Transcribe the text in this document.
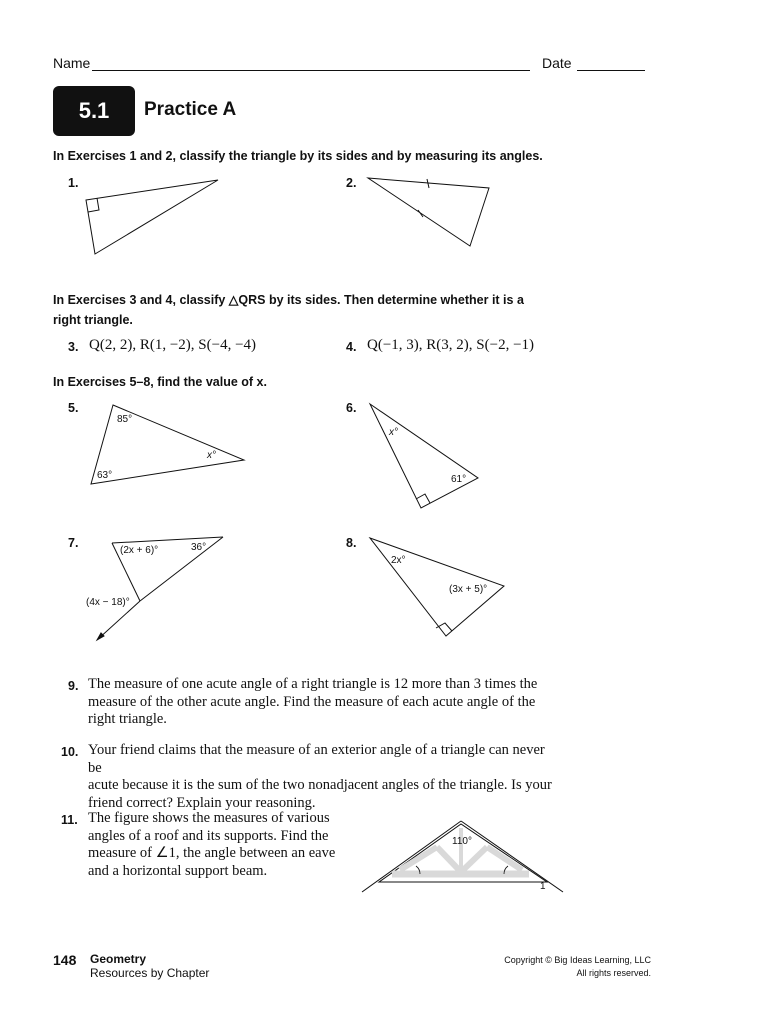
Name	Date
5.1 Practice A
In Exercises 1 and 2, classify the triangle by its sides and by measuring its angles.
1.	2.
85°
63°
x°
x°
61°
(2x + 6)°	36°
(4x − 18)°
2x°
(3x + 5)°
110°
1
In Exercises 3 and 4, classify △QRS by its sides. Then determine whether it is a
right triangle.
3. Q(2, 2), R(1, −2), S(−4, −4)	4. Q(−1, 3), R(3, 2), S(−2, −1)
In Exercises 5–8, find the value of x.
5.	6.
7.	8.
9. The measure of one acute angle of a right triangle is 12 more than 3 times the
measure of the other acute angle. Find the measure of each acute angle of the
right triangle.
10. Your friend claims that the measure of an exterior angle of a triangle can never be
acute because it is the sum of the two nonadjacent angles of the triangle. Is your
friend correct? Explain your reasoning.
11. The figure shows the measures of various
angles of a roof and its supports. Find the
measure of ∠1, the angle between an eave
and a horizontal support beam.
148 Geometry
Resources by Chapter
Copyright © Big Ideas Learning, LLC
All rights reserved.
